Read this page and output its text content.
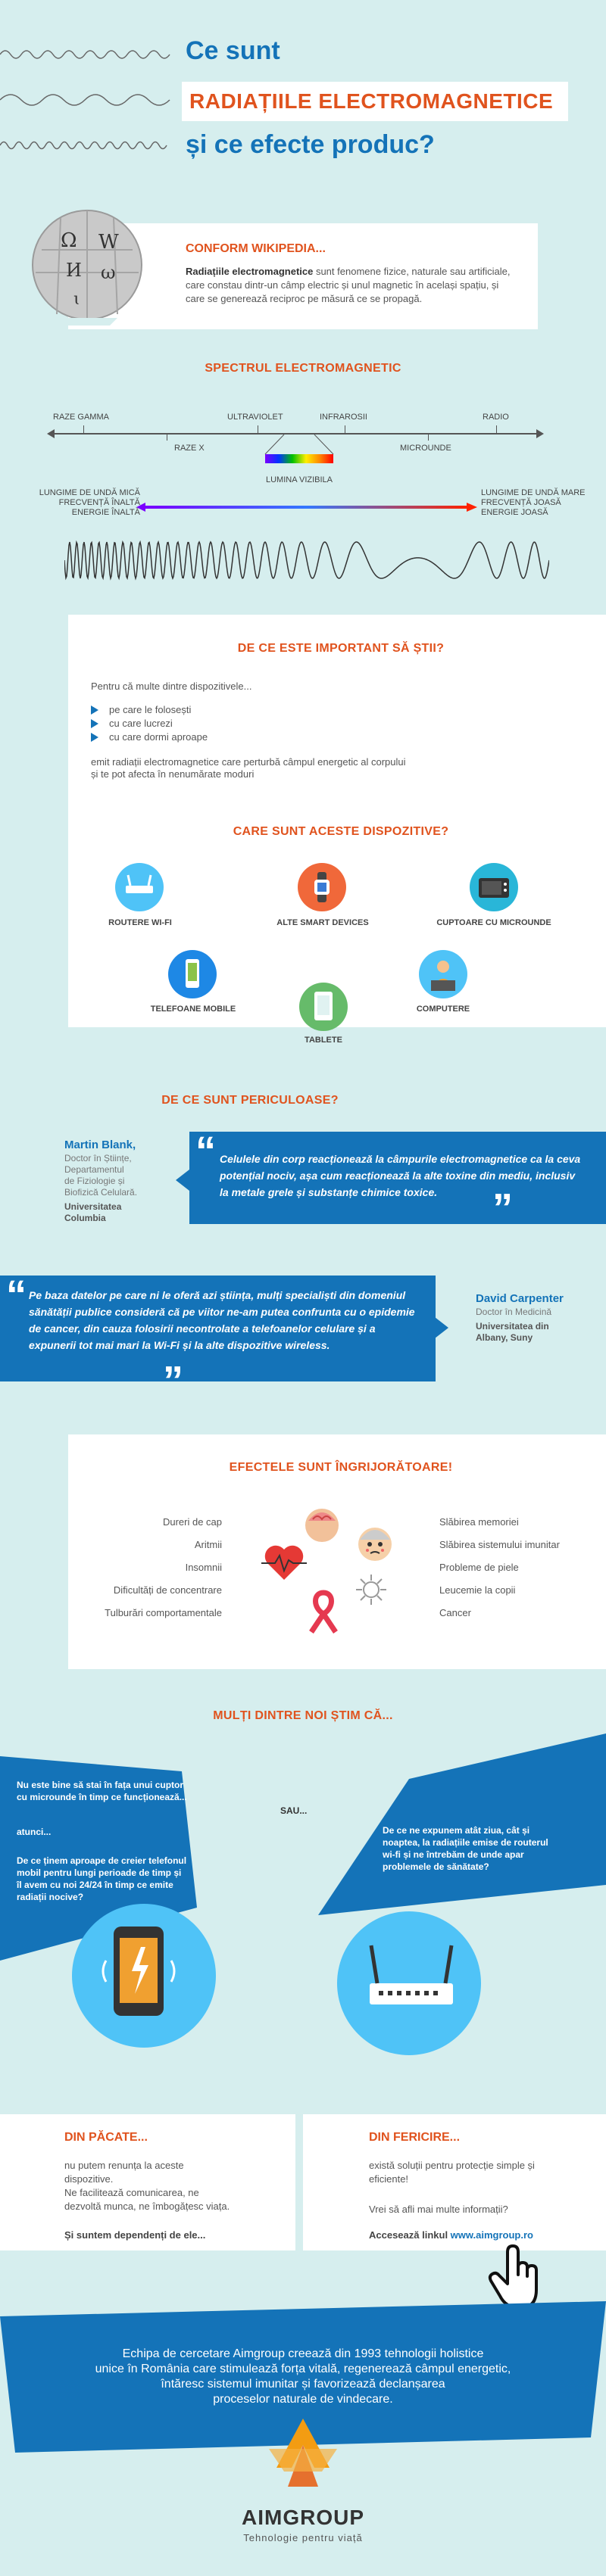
Ce sunt
RADIAȚIILE ELECTROMAGNETICE
și ce efecte produc?
Ω W
И ω
ɩ
CONFORM WIKIPEDIA...
Radiațiile electromagnetice sunt fenomene fizice, naturale sau artificiale, care constau dintr-un câmp electric și unul magnetic în același spațiu, și care se generează reciproc pe măsură ce se propagă.
SPECTRUL ELECTROMAGNETIC
RAZE GAMMA	ULTRAVIOLET	INFRAROSII	RADIO
RAZE X	MICROUNDE
LUMINA VIZIBILA
LUNGIME DE UNDĂ MICĂ
FRECVENȚĂ ÎNALTĂ
ENERGIE ÎNALTĂ
LUNGIME DE UNDĂ MARE
FRECVENȚĂ JOASĂ
ENERGIE JOASĂ
DE CE ESTE IMPORTANT SĂ ȘTII?
Pentru că multe dintre dispozitivele...
pe care le folosești
cu care lucrezi
cu care dormi aproape
emit radiații electromagnetice care perturbă câmpul energetic al corpului
și te pot afecta în nenumărate moduri
CARE SUNT ACESTE DISPOZITIVE?
ROUTERE WI-FI	ALTE SMART DEVICES	CUPTOARE CU MICROUNDE
TELEFOANE MOBILE	COMPUTERE
TABLETE
DE CE SUNT PERICULOASE?
Martin Blank,
Doctor în Științe,
Departamentul
de Fiziologie și
Biofizică Celulară.
Universitatea
Columbia
“ Celulele din corp reacționează la câmpurile electromagnetice ca la ceva potențial nociv, așa cum reacționează la alte toxine din mediu, inclusiv la metale grele și substanțe chimice toxice.	”
“ Pe baza datelor pe care ni le oferă azi știința, mulți specialiști din domeniul sănătății publice consideră că pe viitor ne-am putea confrunta cu o epidemie de cancer, din cauza folosirii necontrolate a telefoanelor celulare și a expunerii tot mai mari la Wi-Fi și la alte dispozitive wireless.
”
David Carpenter
Doctor în Medicină
Universitatea din
Albany, Suny
EFECTELE SUNT ÎNGRIJORĂTOARE!
Dureri de cap
Aritmii
Insomnii
Dificultăți de concentrare
Tulburări comportamentale
Slăbirea memoriei
Slăbirea sistemului imunitar
Probleme de piele
Leucemie la copii
Cancer
MULȚI DINTRE NOI ȘTIM CĂ...
Nu este bine să stai în fața unui cuptor cu microunde în timp ce funcționează...
atunci...
De ce ținem aproape de creier telefonul mobil pentru lungi perioade de timp și îl avem cu noi 24/24 în timp ce emite radiații nocive?
SAU...
De ce ne expunem atât ziua, cât și noaptea, la radiațiile emise de routerul wi-fi și ne întrebăm de unde apar problemele de sănătate?
DIN PĂCATE...
nu putem renunța la aceste
dispozitive.
Ne facilitează comunicarea, ne
dezvoltă munca, ne îmbogățesc viața.
Și suntem dependenți de ele...
DIN FERICIRE...
există soluții pentru protecție simple și
eficiente!
Vrei să afli mai multe informații?
Accesează linkul www.aimgroup.ro
Echipa de cercetare Aimgroup creează din 1993 tehnologii holistice
unice în România care stimulează forța vitală, regenerează câmpul energetic,
întăresc sistemul imunitar și favorizează declanșarea
proceselor naturale de vindecare.
AIMGROUP
Tehnologie pentru viață
